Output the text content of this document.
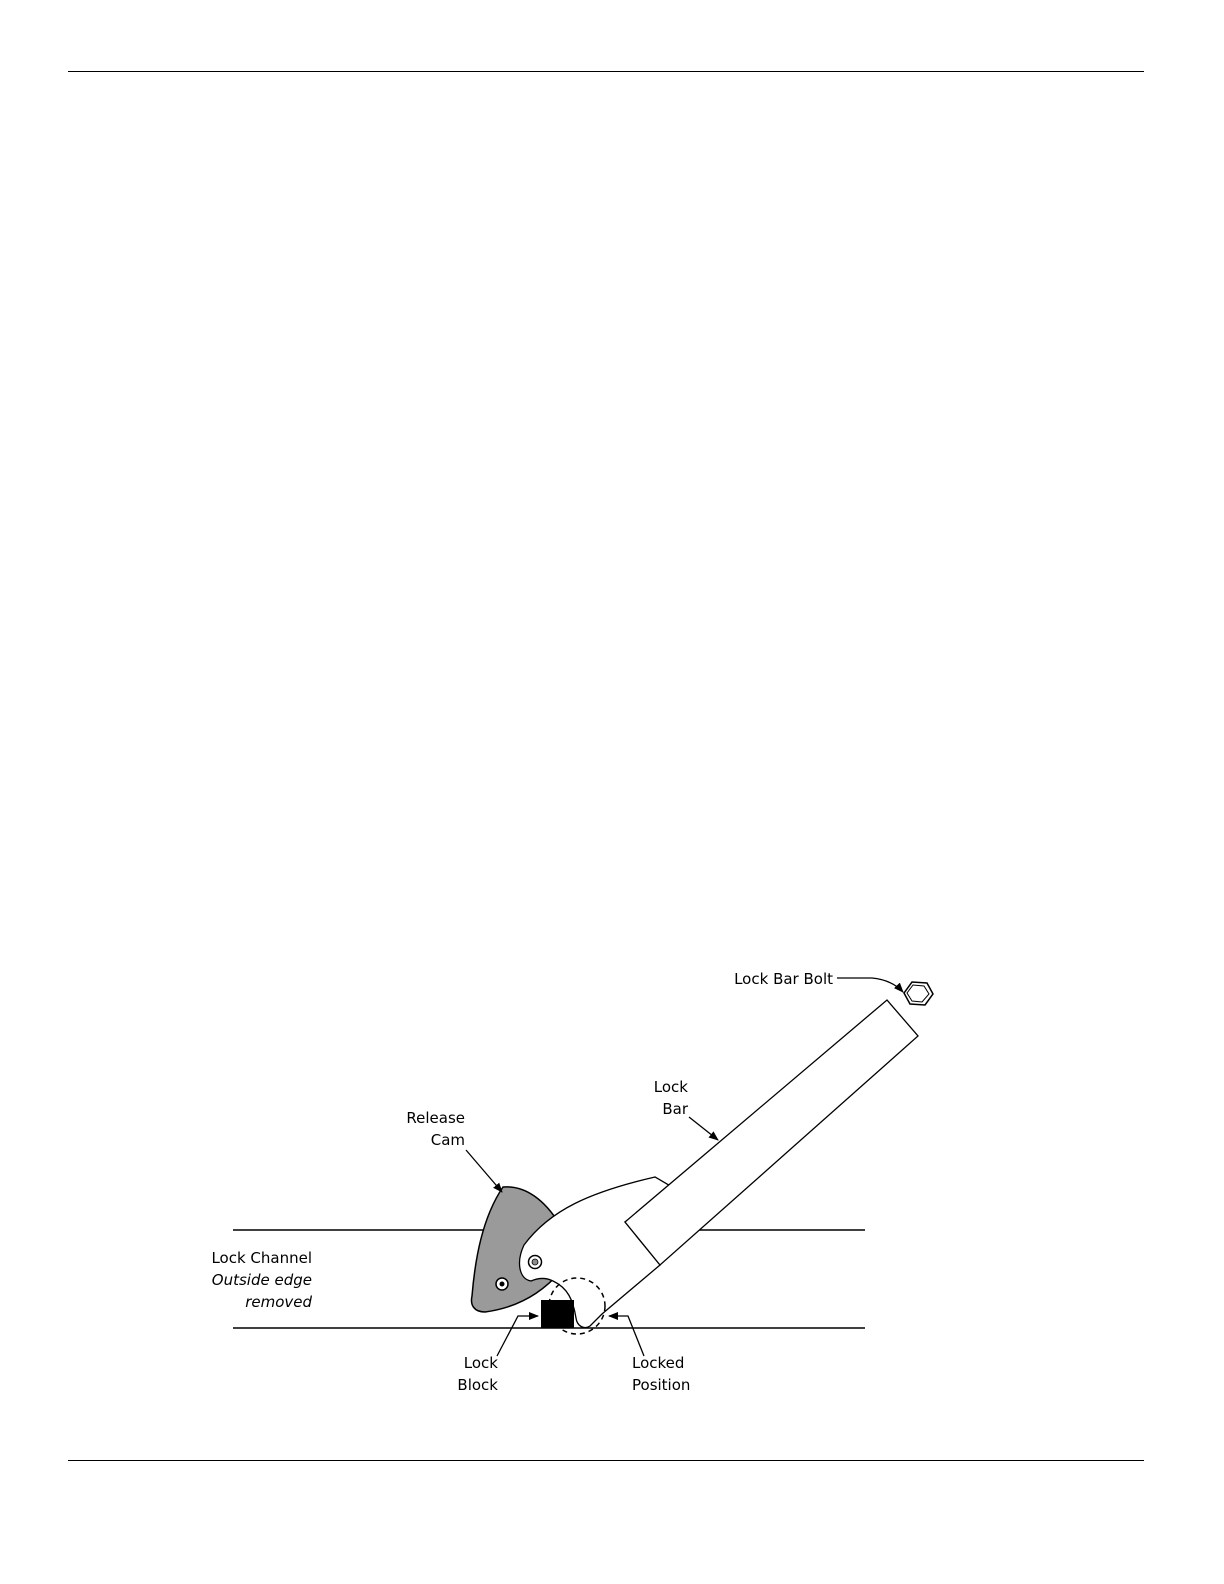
Lock Bar Bolt
Lock
Bar
Release
Cam
Lock Channel
Outside edge
removed
Lock
Block
Locked
Position
